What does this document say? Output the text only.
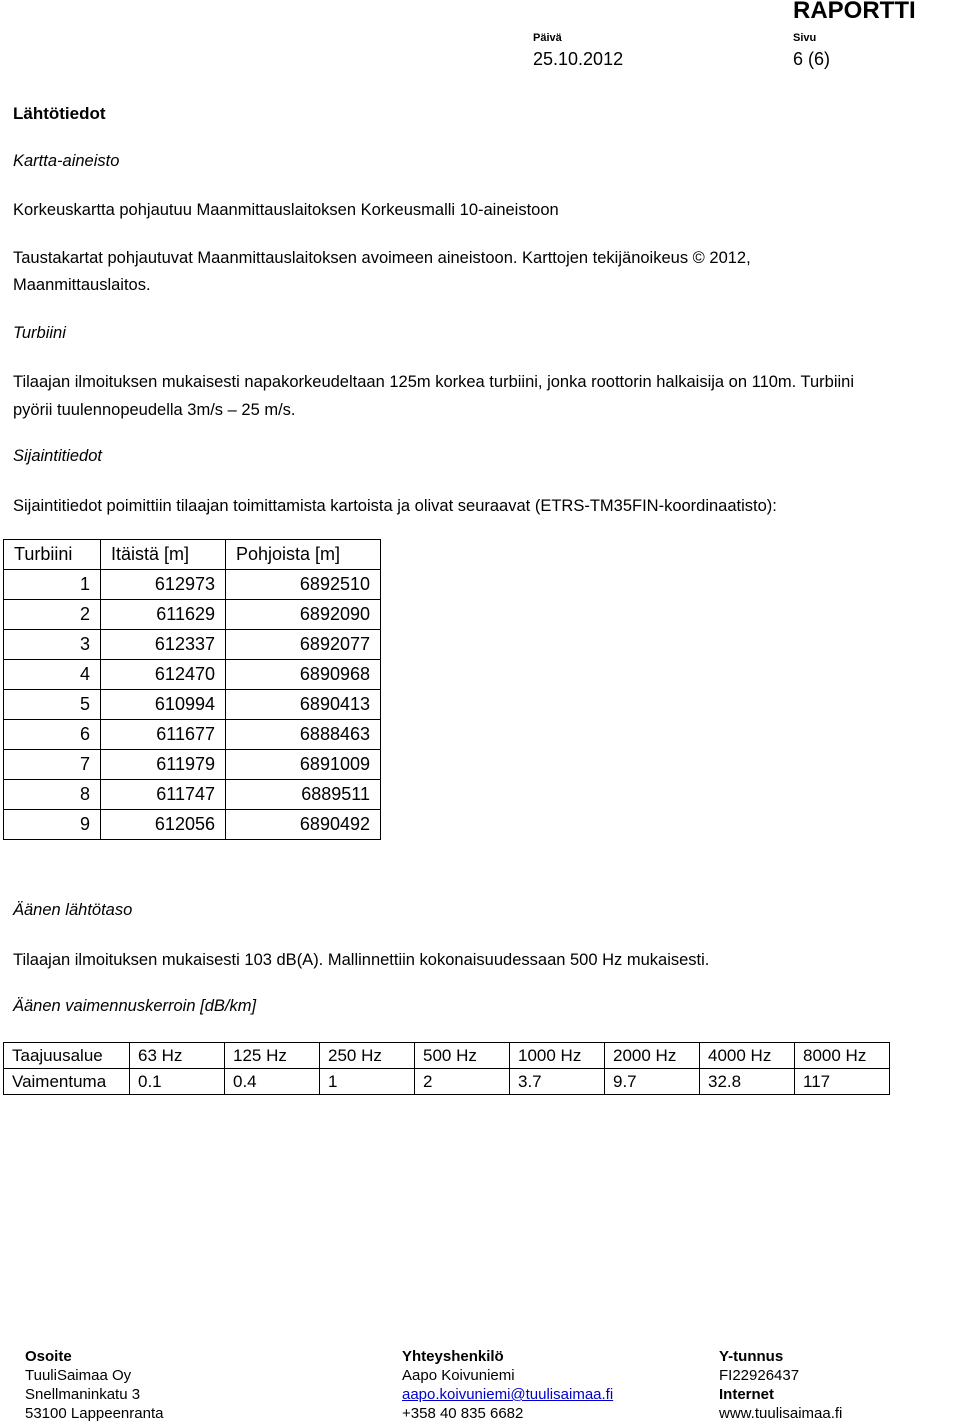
RAPORTTI
Päivä
25.10.2012
Sivu
6 (6)
Lähtötiedot
Kartta-aineisto
Korkeuskartta pohjautuu Maanmittauslaitoksen Korkeusmalli 10-aineistoon
Taustakartat pohjautuvat Maanmittauslaitoksen avoimeen aineistoon. Karttojen tekijänoikeus © 2012,
Maanmittauslaitos.
Turbiini
Tilaajan ilmoituksen mukaisesti napakorkeudeltaan 125m korkea turbiini, jonka roottorin halkaisija on 110m. Turbiini
pyörii tuulennopeudella 3m/s – 25 m/s.
Sijaintitiedot
Sijaintitiedot poimittiin tilaajan toimittamista kartoista ja olivat seuraavat (ETRS-TM35FIN-koordinaatisto):
Turbiini	Itäistä [m]	Pohjoista [m]
1	612973	6892510
2	611629	6892090
3	612337	6892077
4	612470	6890968
5	610994	6890413
6	611677	6888463
7	611979	6891009
8	611747	6889511
9	612056	6890492
Äänen lähtötaso
Tilaajan ilmoituksen mukaisesti 103 dB(A). Mallinnettiin kokonaisuudessaan 500 Hz mukaisesti.
Äänen vaimennuskerroin [dB/km]
Taajuusalue	63 Hz	125 Hz	250 Hz	500 Hz	1000 Hz	2000 Hz	4000 Hz	8000 Hz
Vaimentuma	0.1	0.4	1	2	3.7	9.7	32.8	117
Osoite
TuuliSaimaa Oy
Snellmaninkatu 3
53100 Lappeenranta
Yhteyshenkilö
Aapo Koivuniemi
aapo.koivuniemi@tuulisaimaa.fi
+358 40 835 6682
Y-tunnus
FI22926437
Internet
www.tuulisaimaa.fi
